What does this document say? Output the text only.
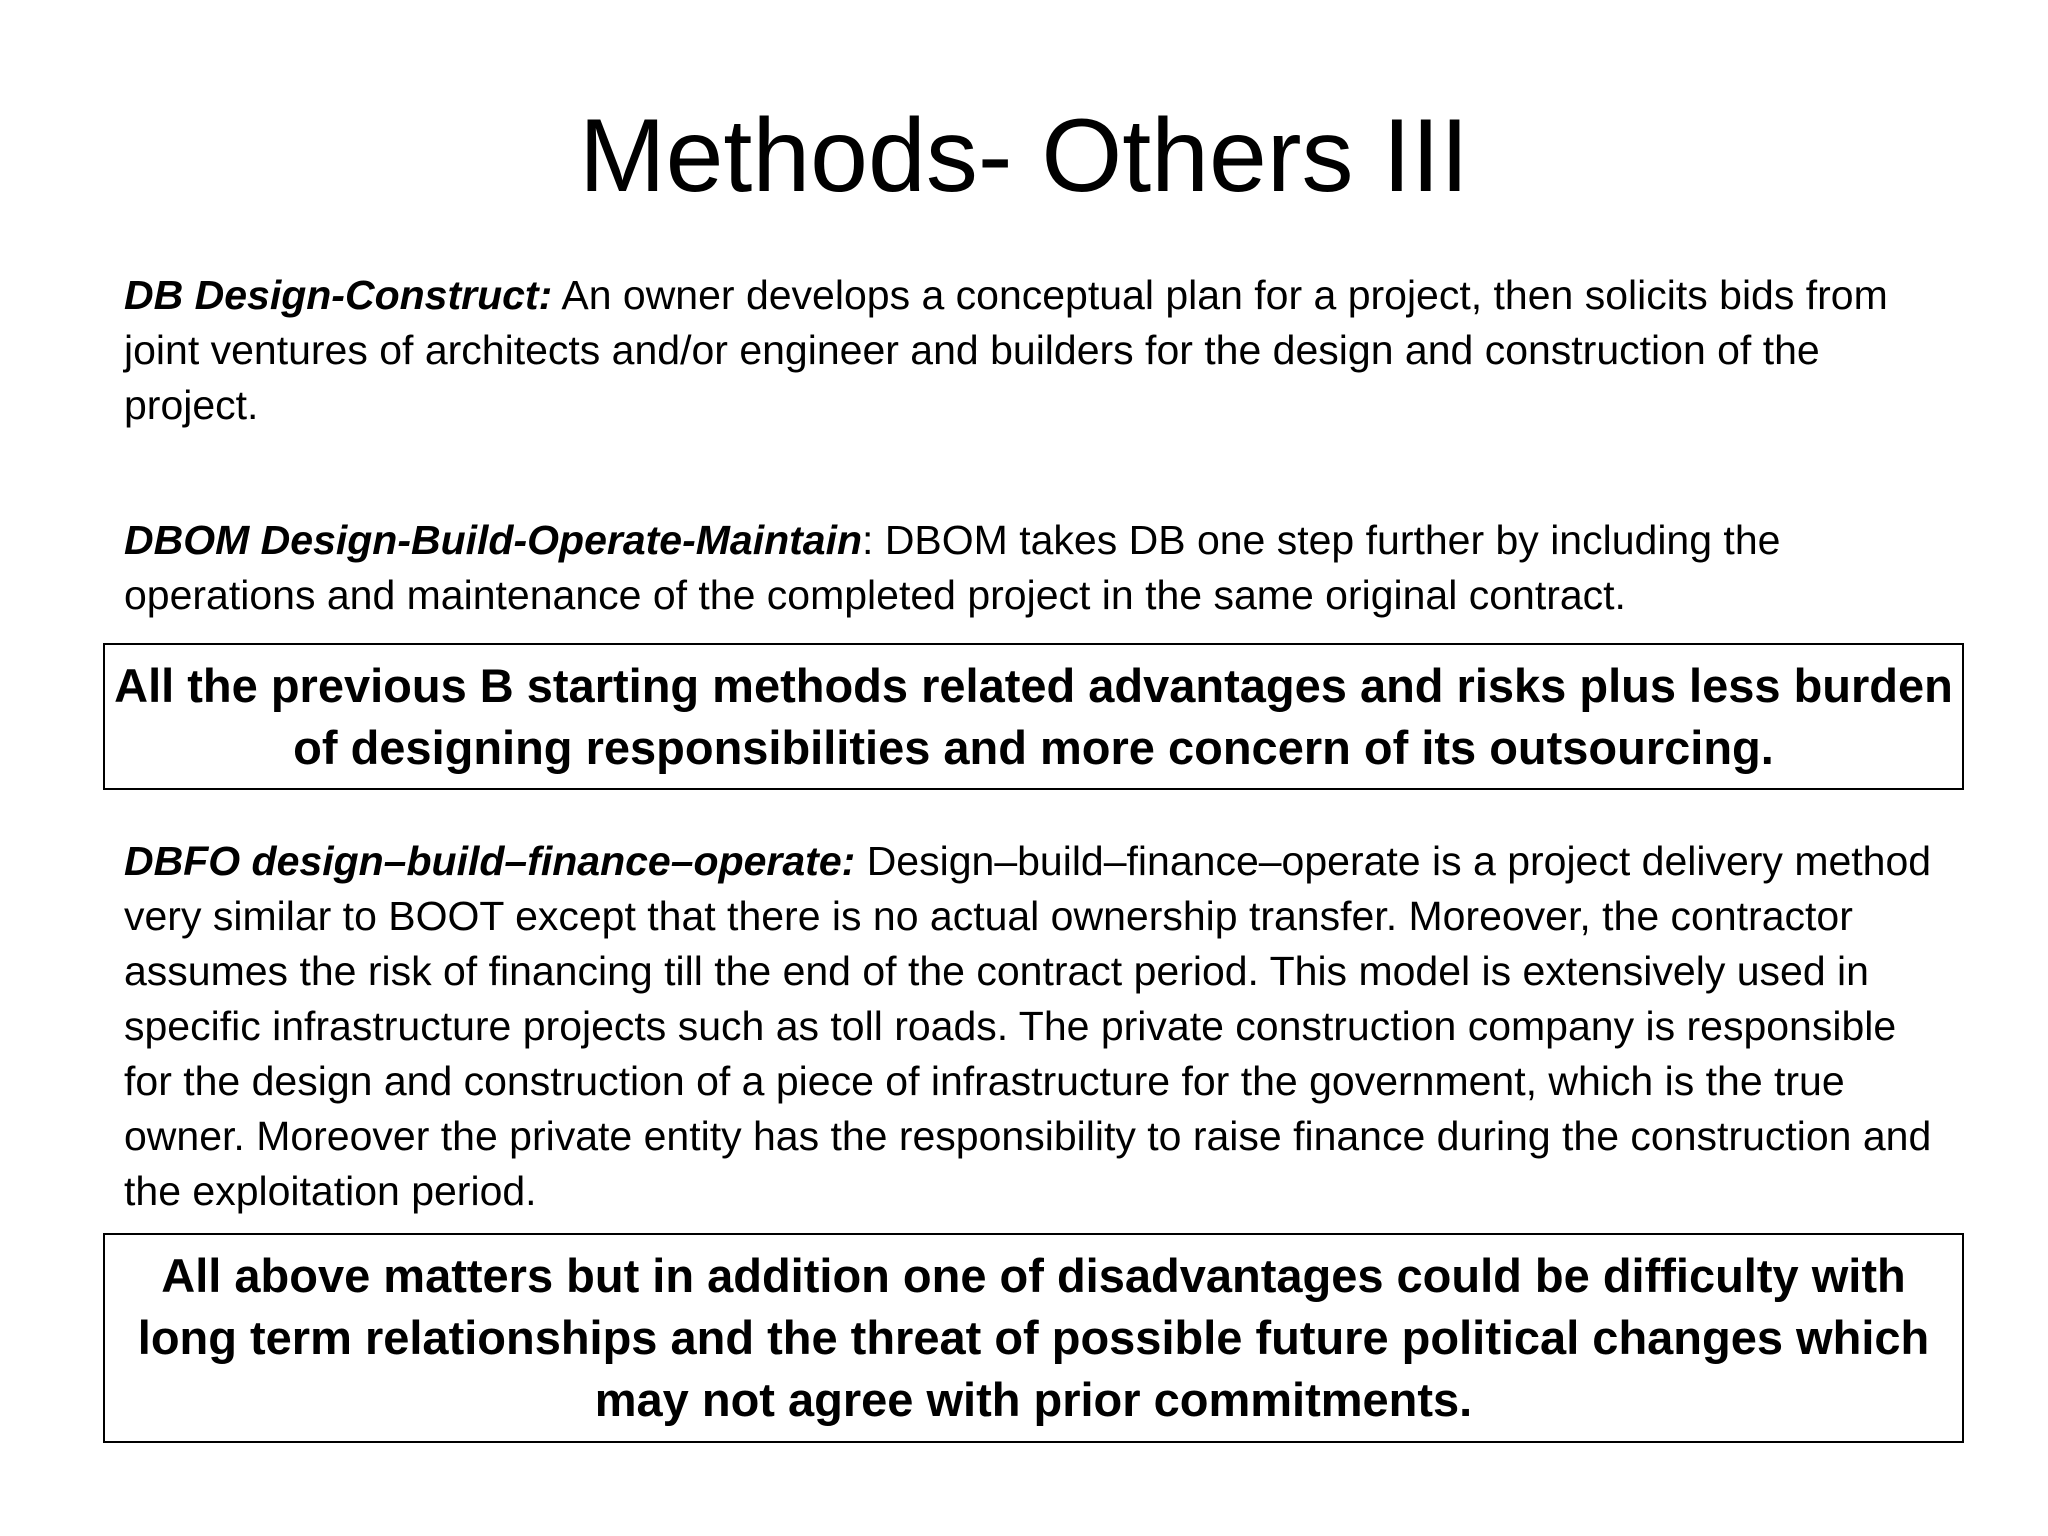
Methods- Others III

DB Design-Construct: An owner develops a conceptual plan for a project, then solicits bids from joint ventures of architects and/or engineer and builders for the design and construction of the project.

DBOM Design-Build-Operate-Maintain: DBOM takes DB one step further by including the operations and maintenance of the completed project in the same original contract.

All the previous B starting methods related advantages and risks plus less burden of designing responsibilities and more concern of its outsourcing.

DBFO design–build–finance–operate: Design–build–finance–operate is a project delivery method very similar to BOOT except that there is no actual ownership transfer. Moreover, the contractor assumes the risk of financing till the end of the contract period. This model is extensively used in specific infrastructure projects such as toll roads. The private construction company is responsible for the design and construction of a piece of infrastructure for the government, which is the true owner. Moreover the private entity has the responsibility to raise finance during the construction and the exploitation period.

All above matters but in addition one of disadvantages could be difficulty with long term relationships and the threat of possible future political changes which may not agree with prior commitments.
